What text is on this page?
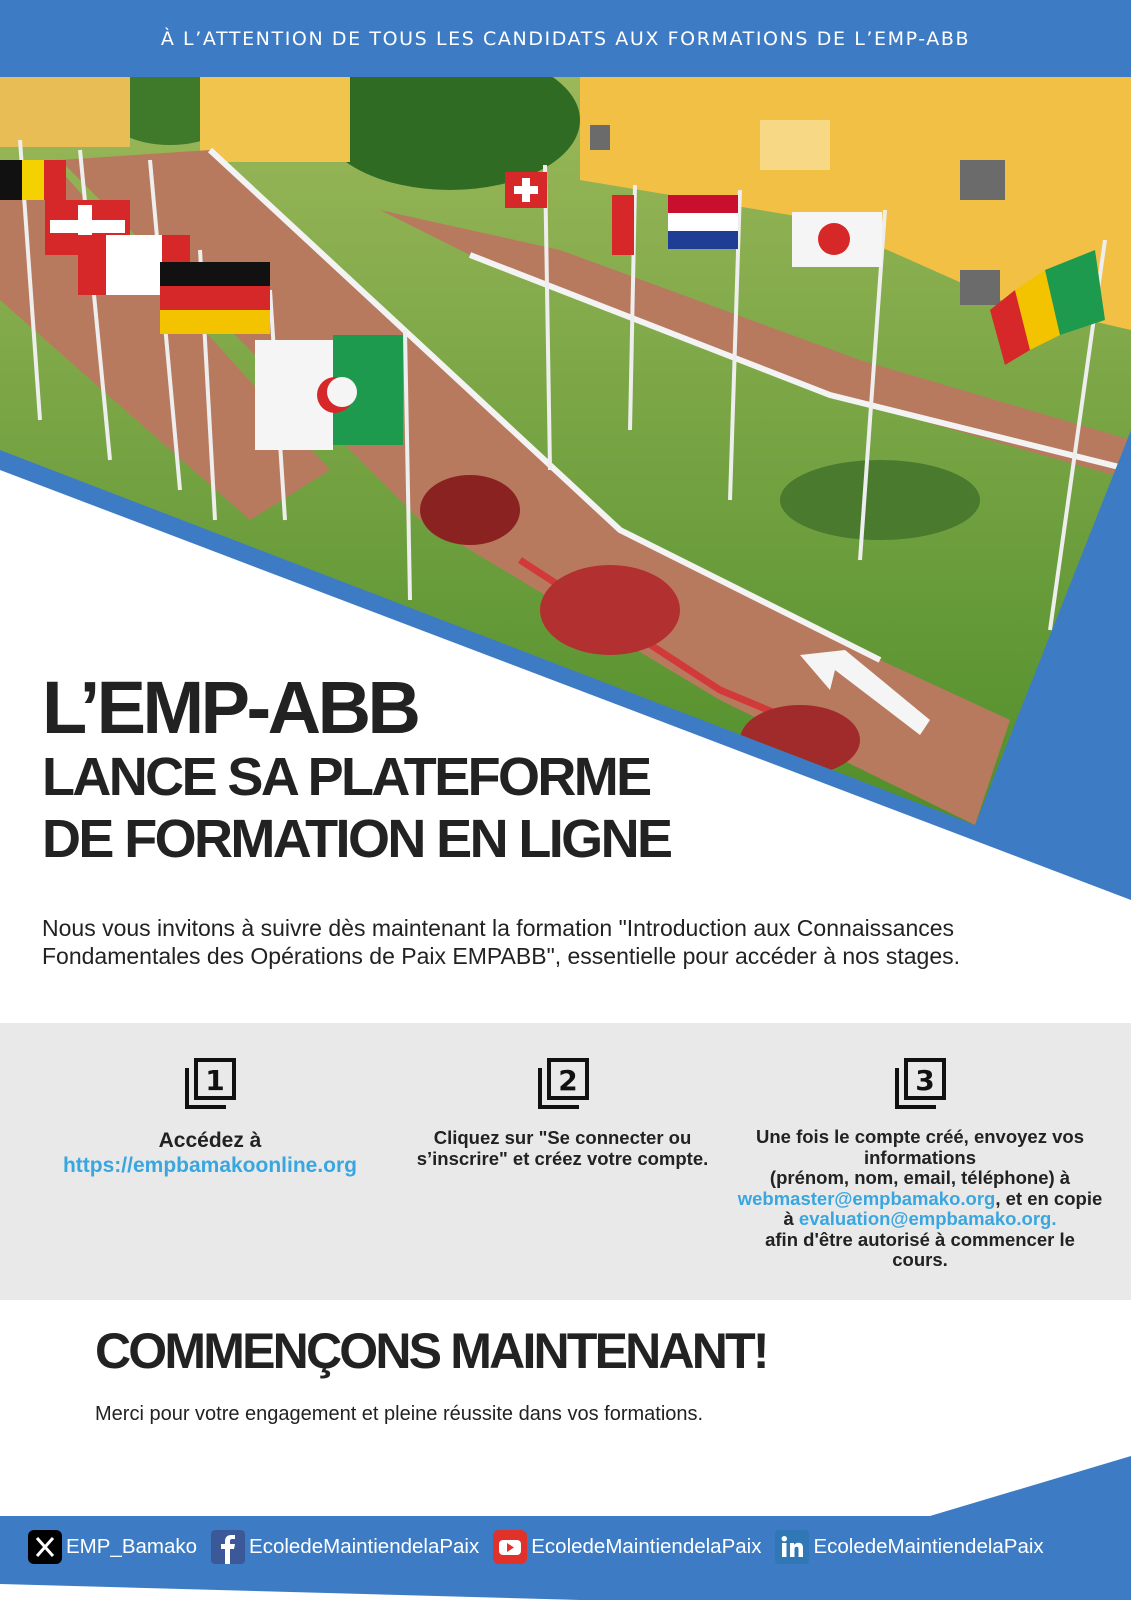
À L’ATTENTION DE TOUS LES CANDIDATS AUX FORMATIONS DE L’EMP-ABB
L’EMP-ABB
LANCE SA PLATEFORME
DE FORMATION EN LIGNE
Nous vous invitons à suivre dès maintenant la formation "Introduction aux Connaissances
Fondamentales des Opérations de Paix EMPABB", essentielle pour accéder à nos stages.
1
Accédez à
https://empbamakoonline.org
2
Cliquez sur "Se connecter ou s’inscrire" et créez votre compte.
3
Une fois le compte créé, envoyez vos informations
(prénom, nom, email, téléphone) à
webmaster@empbamako.org, et en copie à evaluation@empbamako.org.
afin d'être autorisé à commencer le cours.
COMMENÇONS MAINTENANT!
Merci pour votre engagement et pleine réussite dans vos formations.
EMP_Bamako	EcoledeMaintiendelaPaix	EcoledeMaintiendelaPaix	EcoledeMaintiendelaPaix
